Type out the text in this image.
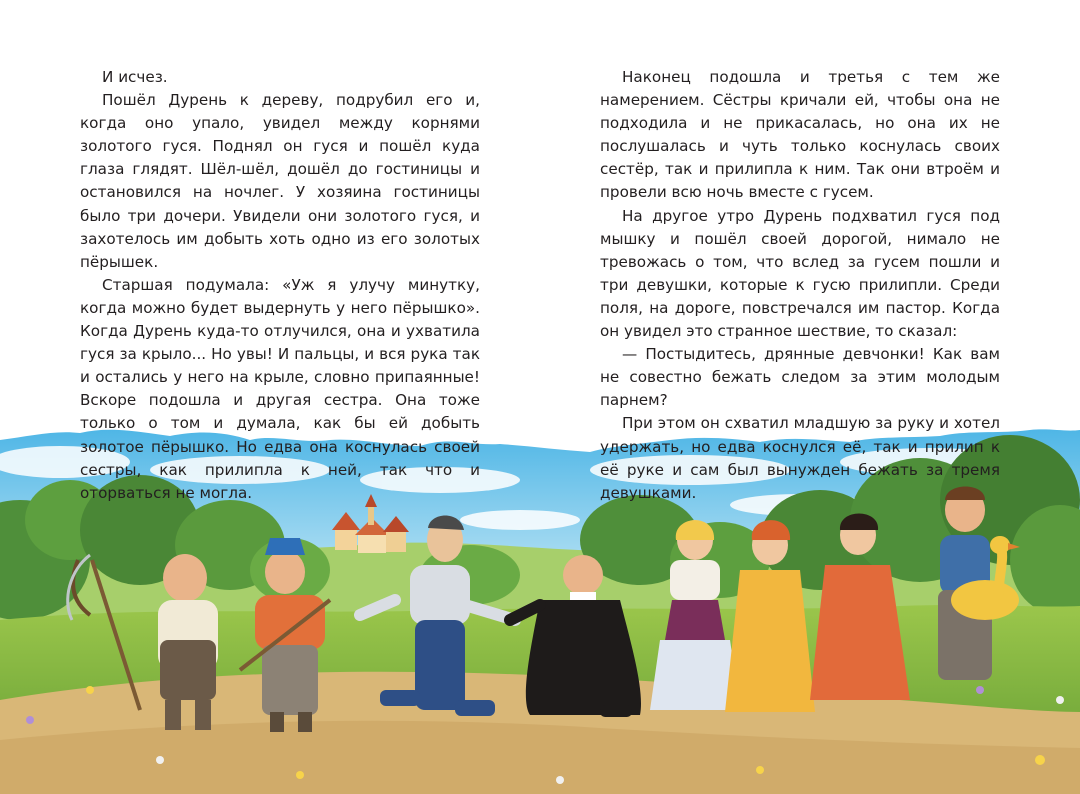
И исчез.

Пошёл Дурень к дереву, подрубил его и, когда оно упало, увидел между корнями золотого гуся. Поднял он гуся и пошёл куда глаза глядят. Шёл-шёл, дошёл до гостиницы и остановился на ночлег. У хозяина гостиницы было три дочери. Увидели они золотого гуся, и захотелось им добыть хоть одно из его золотых пёрышек.

Старшая подумала: «Уж я улучу минутку, когда можно будет выдернуть у него пёрышко». Когда Дурень куда-то отлучился, она и ухватила гуся за крыло... Но увы! И пальцы, и вся рука так и остались у него на крыле, словно припаянные! Вскоре подошла и другая сестра. Она тоже только о том и думала, как бы ей добыть золотое пёрышко. Но едва она коснулась своей сестры, как прилипла к ней, так что и оторваться не могла.

Наконец подошла и третья с тем же намерением. Сёстры кричали ей, чтобы она не подходила и не прикасалась, но она их не послушалась и чуть только коснулась своих сестёр, так и прилипла к ним. Так они втроём и провели всю ночь вместе с гусем.

На другое утро Дурень подхватил гуся под мышку и пошёл своей дорогой, нимало не тревожась о том, что вслед за гусем пошли и три девушки, которые к гусю прилипли. Среди поля, на дороге, повстречался им пастор. Когда он увидел это странное шествие, то сказал:

— Постыдитесь, дрянные девчонки! Как вам не совестно бежать следом за этим молодым парнем?

При этом он схватил младшую за руку и хотел удержать, но едва коснулся её, так и прилип к её руке и сам был вынужден бежать за тремя девушками.
